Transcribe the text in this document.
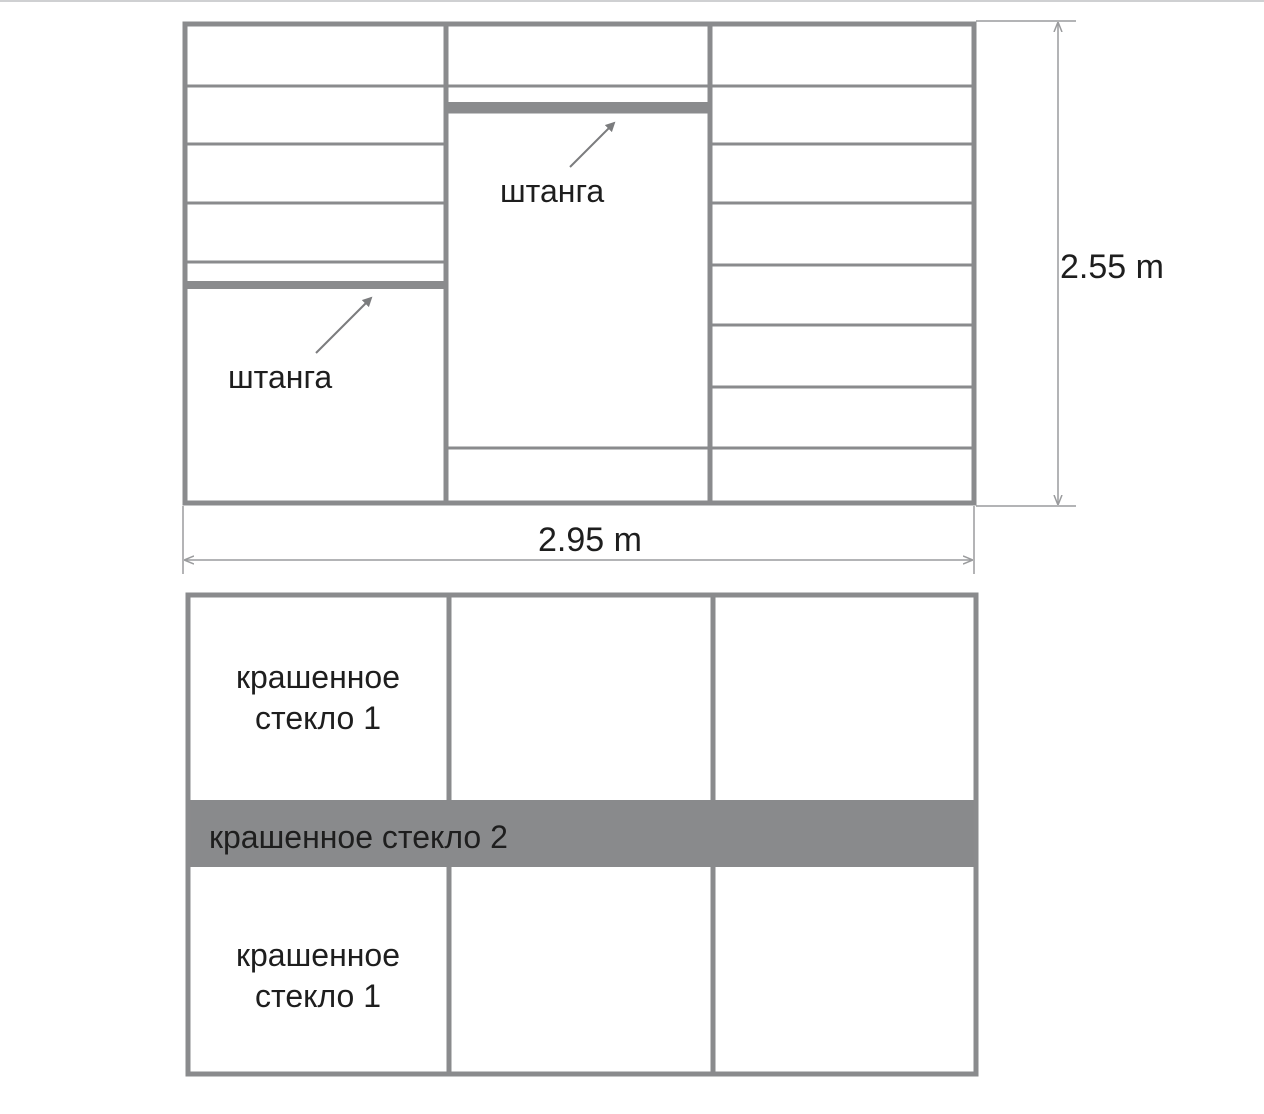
штанга
штанга
2.55 m
2.95 m
крашенное
стекло 1
крашенное стекло 2
крашенное
стекло 1
